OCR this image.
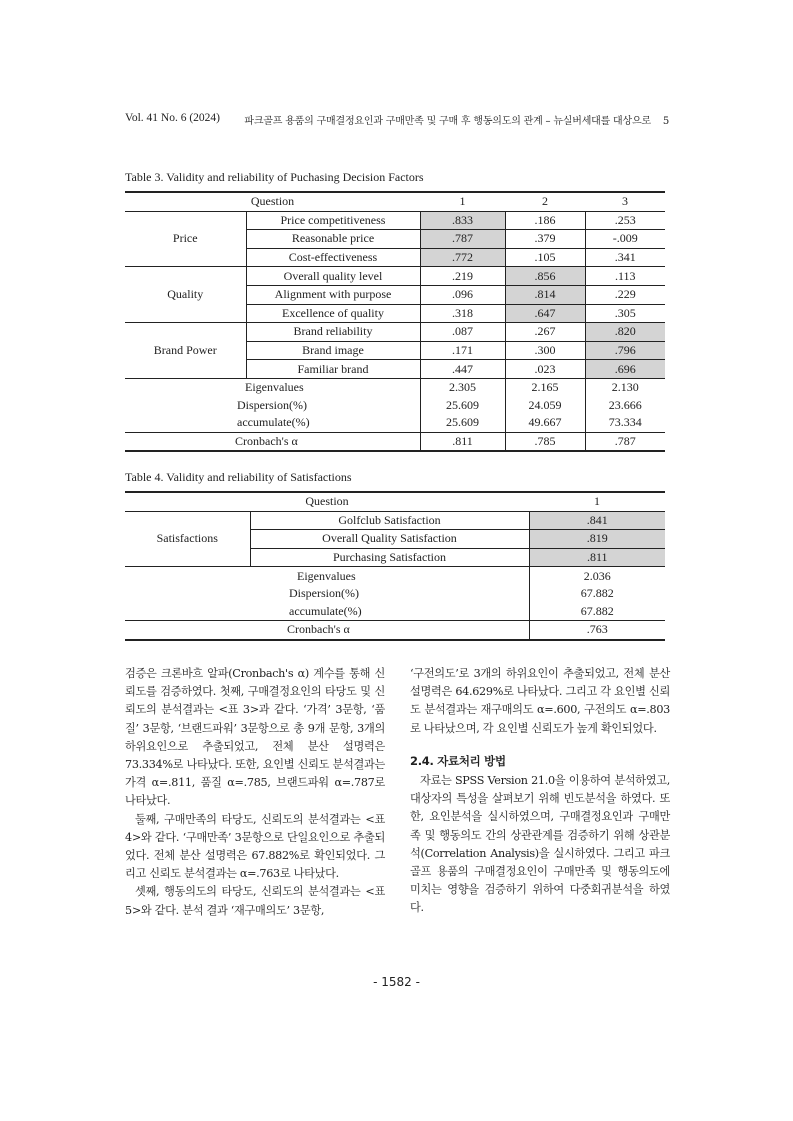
Vol. 41 No. 6 (2024) 파크골프 용품의 구매결정요인과 구매만족 및 구매 후 행동의도의 관계 – 뉴실버세대를 대상으로 5
Table 3. Validity and reliability of Puchasing Decision Factors
Question		1	2	3
Price	Price competitiveness	.833	.186	.253
	Reasonable price	.787	.379	-.009
	Cost-effectiveness	.772	.105	.341
Quality	Overall quality level	.219	.856	.113
	Alignment with purpose	.096	.814	.229
	Excellence of quality	.318	.647	.305
Brand Power	Brand reliability	.087	.267	.820
	Brand image	.171	.300	.796
	Familiar brand	.447	.023	.696
Eigenvalues		2.305	2.165	2.130
Dispersion(%)		25.609	24.059	23.666
accumulate(%)		25.609	49.667	73.334
Cronbach's α		.811	.785	.787
Table 4. Validity and reliability of Satisfactions
Question		1
Satisfactions	Golfclub Satisfaction	.841
	Overall Quality Satisfaction	.819
	Purchasing Satisfaction	.811
Eigenvalues		2.036
Dispersion(%)		67.882
accumulate(%)		67.882
Cronbach's α		.763

검증은 크론바흐 알파(Cronbach's α) 계수를 통해 신뢰도를 검증하였다. 첫째, 구매결정요인의 타당도 및 신뢰도의 분석결과는 <표 3>과 같다. ‘가격’ 3문항, ‘품질’ 3문항, ‘브랜드파워’ 3문항으로 총 9개 문항, 3개의 하위요인으로 추출되었고, 전체 분산 설명력은 73.334%로 나타났다. 또한, 요인별 신뢰도 분석결과는 가격 α=.811, 품질 α=.785, 브랜드파워 α=.787로 나타났다.

둘째, 구매만족의 타당도, 신뢰도의 분석결과는 <표 4>와 같다. ‘구매만족’ 3문항으로 단일요인으로 추출되었다. 전체 분산 설명력은 67.882%로 확인되었다. 그리고 신뢰도 분석결과는 α=.763로 나타났다.

셋째, 행동의도의 타당도, 신뢰도의 분석결과는 <표 5>와 같다. 분석 결과 ‘재구매의도’ 3문항,

‘구전의도’로 3개의 하위요인이 추출되었고, 전체 분산 설명력은 64.629%로 나타났다. 그리고 각 요인별 신뢰도 분석결과는 재구매의도 α=.600, 구전의도 α=.803로 나타났으며, 각 요인별 신뢰도가 높게 확인되었다.

2.4. 자료처리 방법

자료는 SPSS Version 21.0을 이용하여 분석하였고, 대상자의 특성을 살펴보기 위해 빈도분석을 하였다. 또한, 요인분석을 실시하였으며, 구매결정요인과 구매만족 및 행동의도 간의 상관관계를 검증하기 위해 상관분석(Correlation Analysis)을 실시하였다. 그리고 파크골프 용품의 구매결정요인이 구매만족 및 행동의도에 미치는 영향을 검증하기 위하여 다중회귀분석을 하였다.

- 1582 -
